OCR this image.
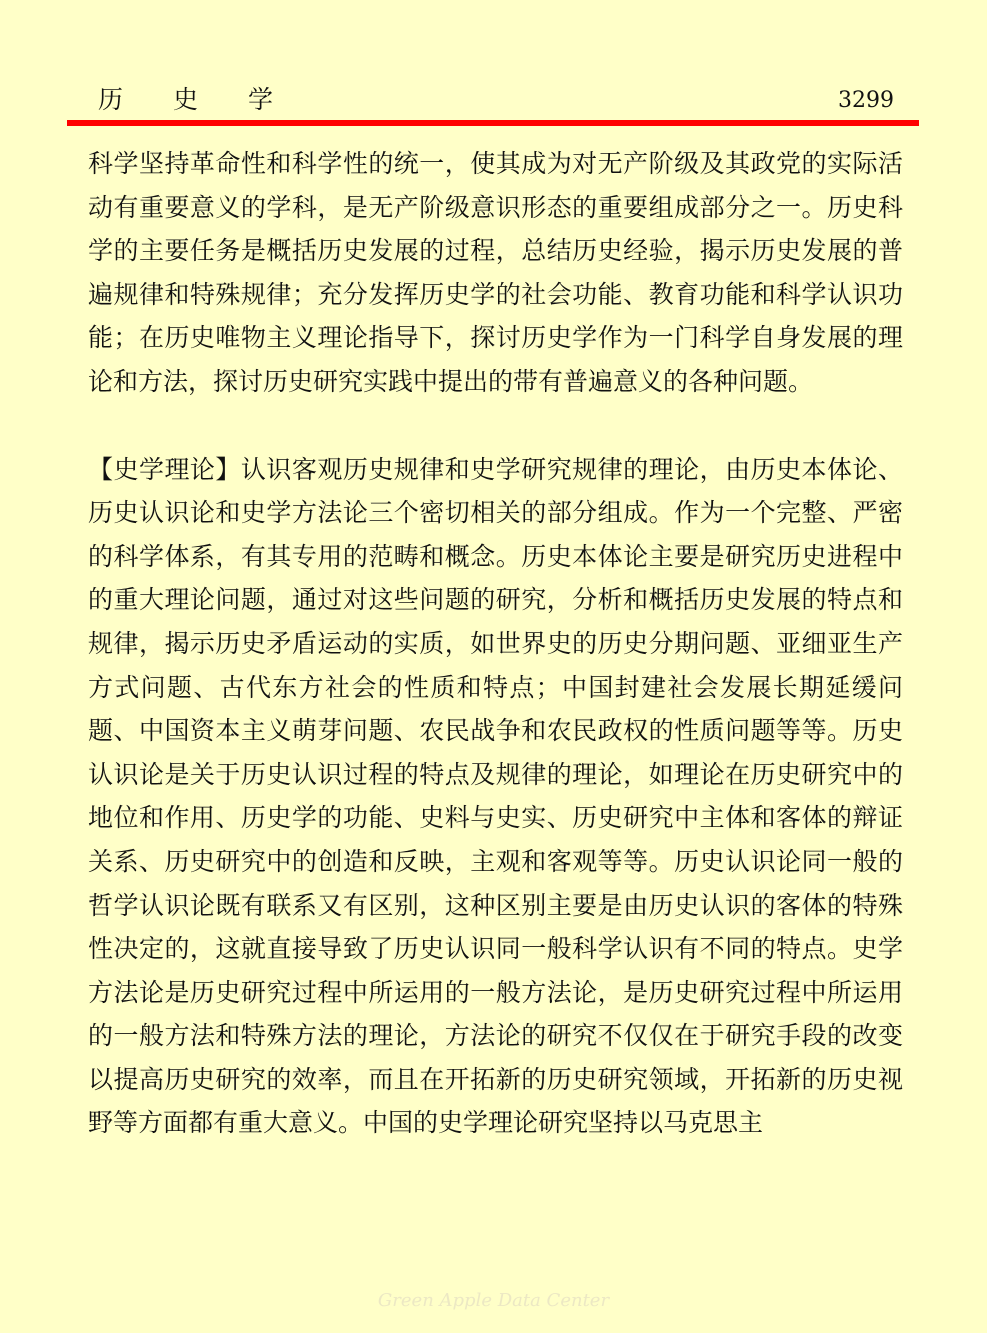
历史学	3299

科学坚持革命性和科学性的统一，使其成为对无产阶级及其政党的实际活动有重要意义的学科，是无产阶级意识形态的重要组成部分之一。历史科学的主要任务是概括历史发展的过程，总结历史经验，揭示历史发展的普遍规律和特殊规律；充分发挥历史学的社会功能、教育功能和科学认识功能；在历史唯物主义理论指导下，探讨历史学作为一门科学自身发展的理论和方法，探讨历史研究实践中提出的带有普遍意义的各种问题。

【史学理论】认识客观历史规律和史学研究规律的理论，由历史本体论、历史认识论和史学方法论三个密切相关的部分组成。作为一个完整、严密的科学体系，有其专用的范畴和概念。历史本体论主要是研究历史进程中的重大理论问题，通过对这些问题的研究，分析和概括历史发展的特点和规律，揭示历史矛盾运动的实质，如世界史的历史分期问题、亚细亚生产方式问题、古代东方社会的性质和特点；中国封建社会发展长期延缓问题、中国资本主义萌芽问题、农民战争和农民政权的性质问题等等。历史认识论是关于历史认识过程的特点及规律的理论，如理论在历史研究中的地位和作用、历史学的功能、史料与史实、历史研究中主体和客体的辩证关系、历史研究中的创造和反映，主观和客观等等。历史认识论同一般的哲学认识论既有联系又有区别，这种区别主要是由历史认识的客体的特殊性决定的，这就直接导致了历史认识同一般科学认识有不同的特点。史学方法论是历史研究过程中所运用的一般方法论，是历史研究过程中所运用的一般方法和特殊方法的理论，方法论的研究不仅仅在于研究手段的改变以提高历史研究的效率，而且在开拓新的历史研究领域，开拓新的历史视野等方面都有重大意义。中国的史学理论研究坚持以马克思主

Green Apple Data Center
